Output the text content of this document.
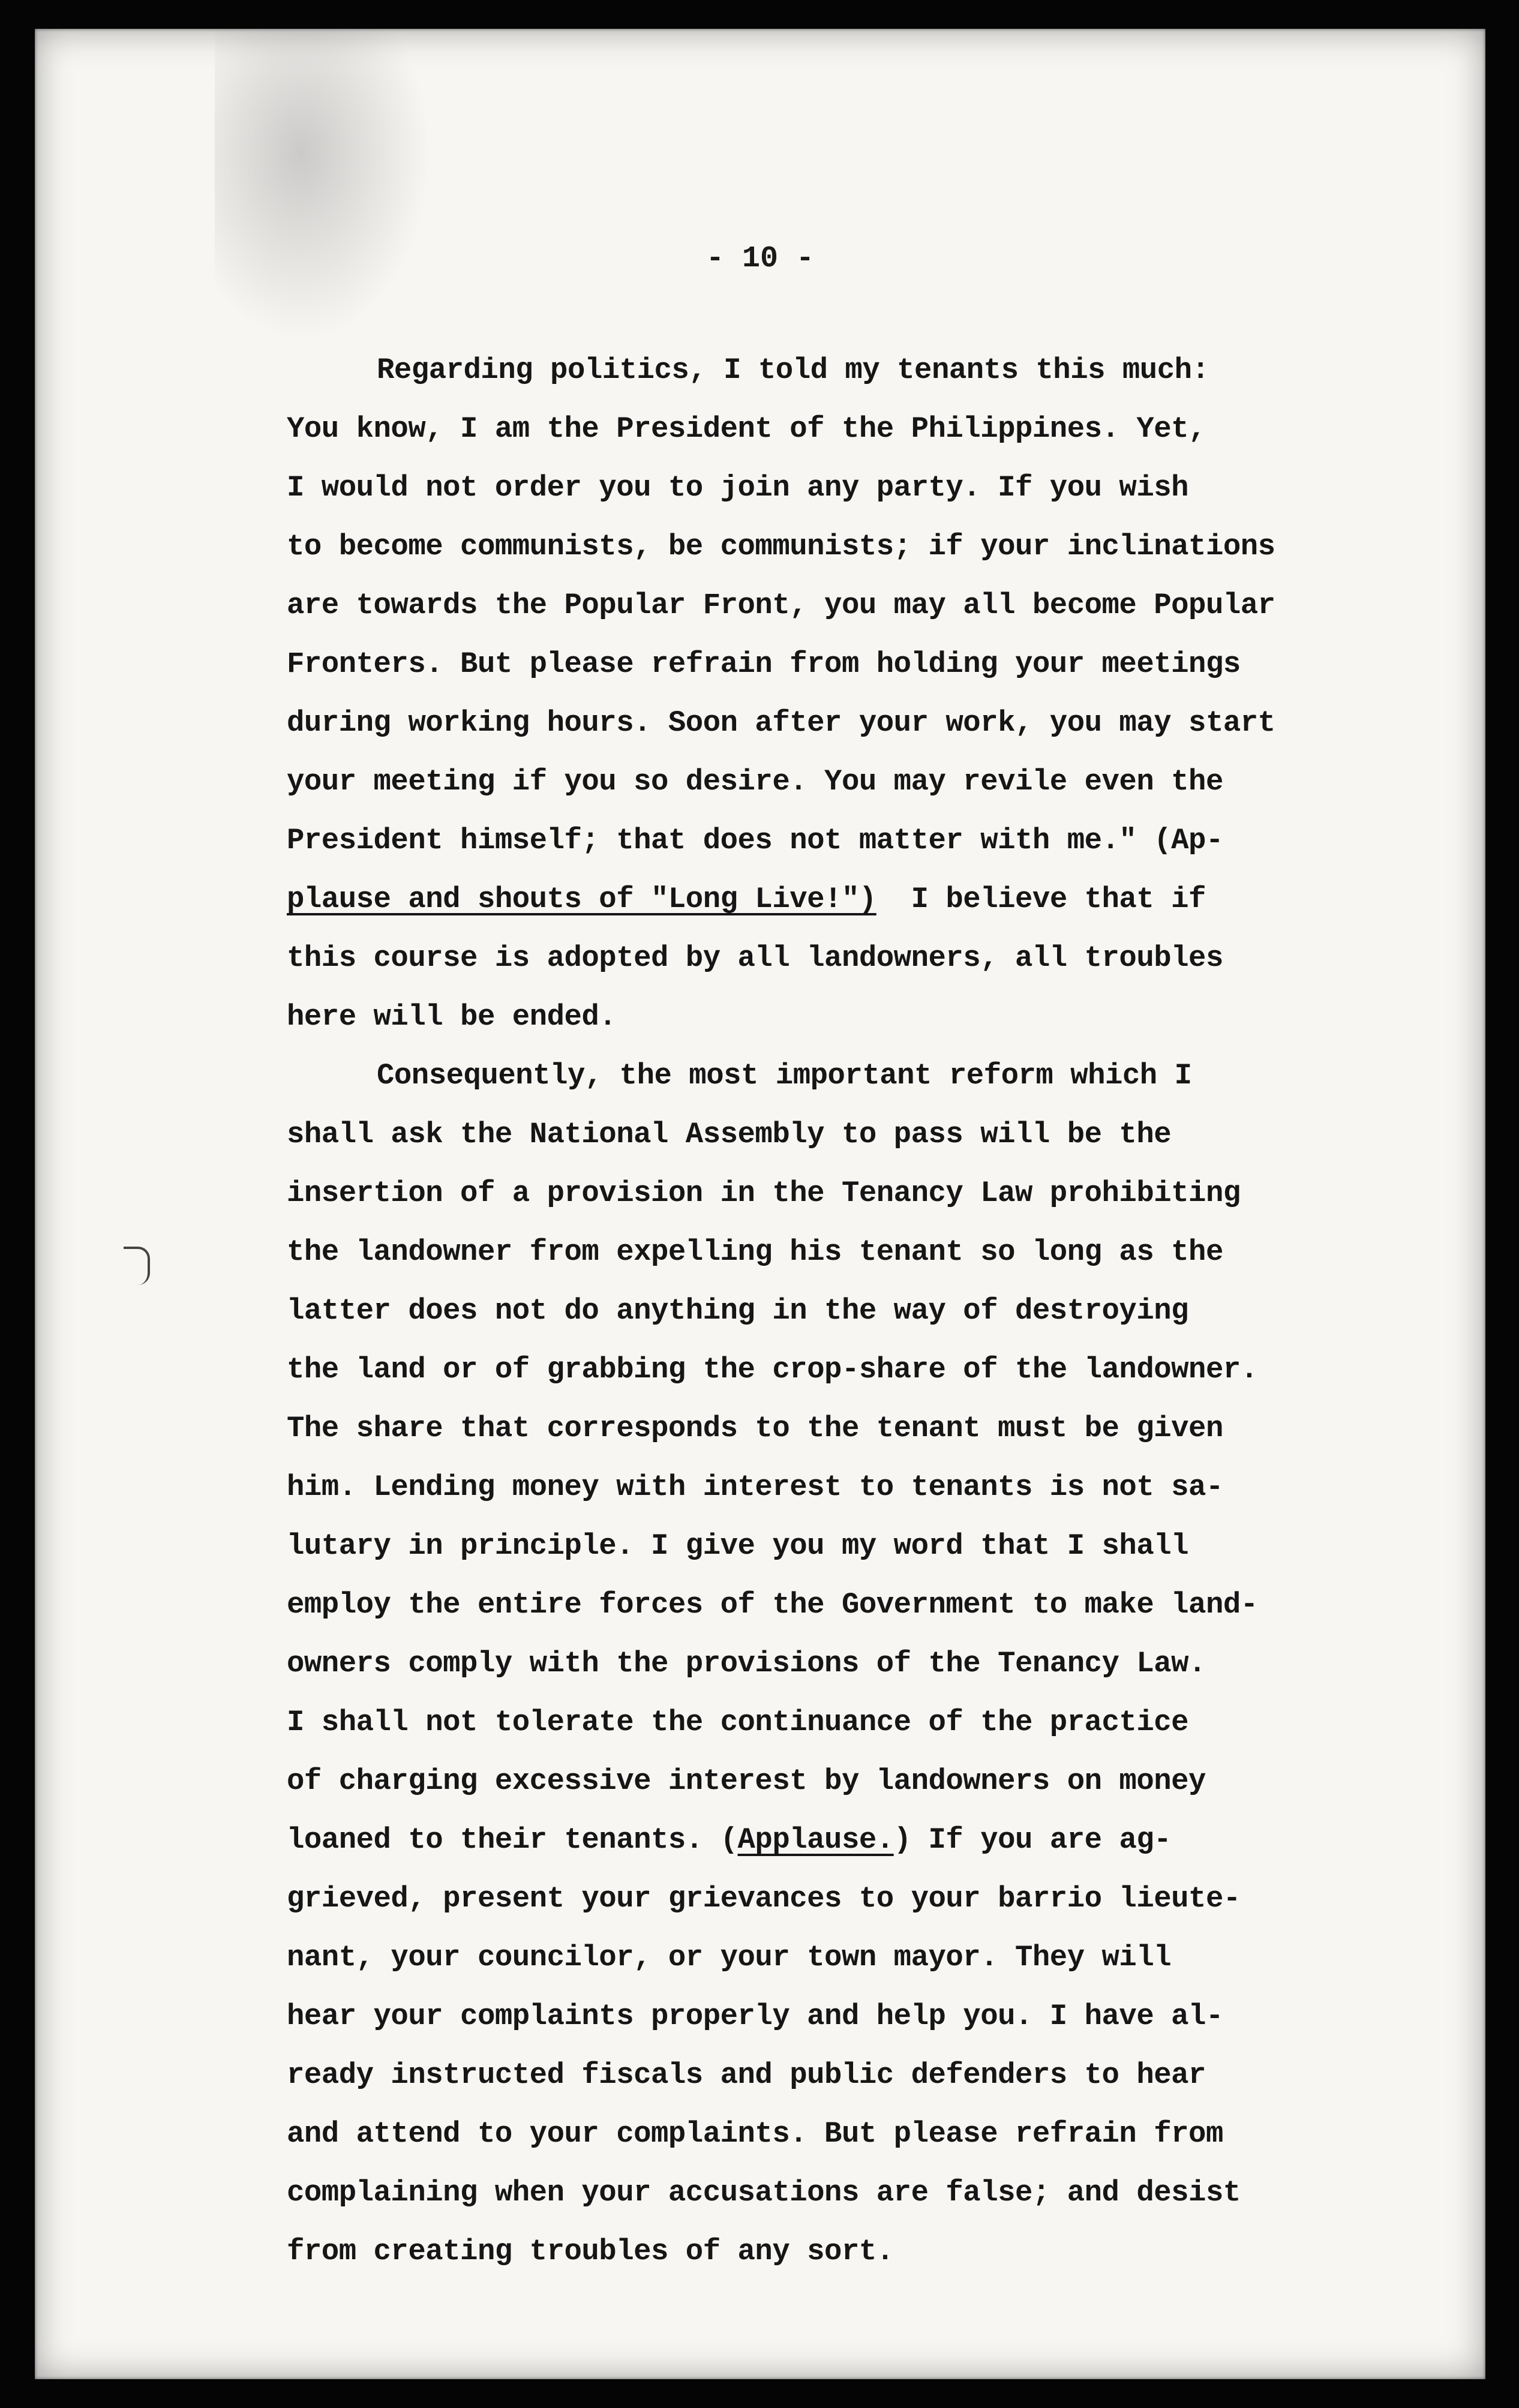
- 10 -
Regarding politics, I told my tenants this much:
You know, I am the President of the Philippines. Yet,
I would not order you to join any party. If you wish
to become communists, be communists; if your inclinations
are towards the Popular Front, you may all become Popular
Fronters. But please refrain from holding your meetings
during working hours. Soon after your work, you may start
your meeting if you so desire. You may revile even the
President himself; that does not matter with me." (Ap-
plause and shouts of "Long Live!") I believe that if
this course is adopted by all landowners, all troubles
here will be ended.
Consequently, the most important reform which I
shall ask the National Assembly to pass will be the
insertion of a provision in the Tenancy Law prohibiting
the landowner from expelling his tenant so long as the
latter does not do anything in the way of destroying
the land or of grabbing the crop-share of the landowner.
The share that corresponds to the tenant must be given
him. Lending money with interest to tenants is not sa-
lutary in principle. I give you my word that I shall
employ the entire forces of the Government to make land-
owners comply with the provisions of the Tenancy Law.
I shall not tolerate the continuance of the practice
of charging excessive interest by landowners on money
loaned to their tenants. (Applause.) If you are ag-
grieved, present your grievances to your barrio lieute-
nant, your councilor, or your town mayor. They will
hear your complaints properly and help you. I have al-
ready instructed fiscals and public defenders to hear
and attend to your complaints. But please refrain from
complaining when your accusations are false; and desist
from creating troubles of any sort.
